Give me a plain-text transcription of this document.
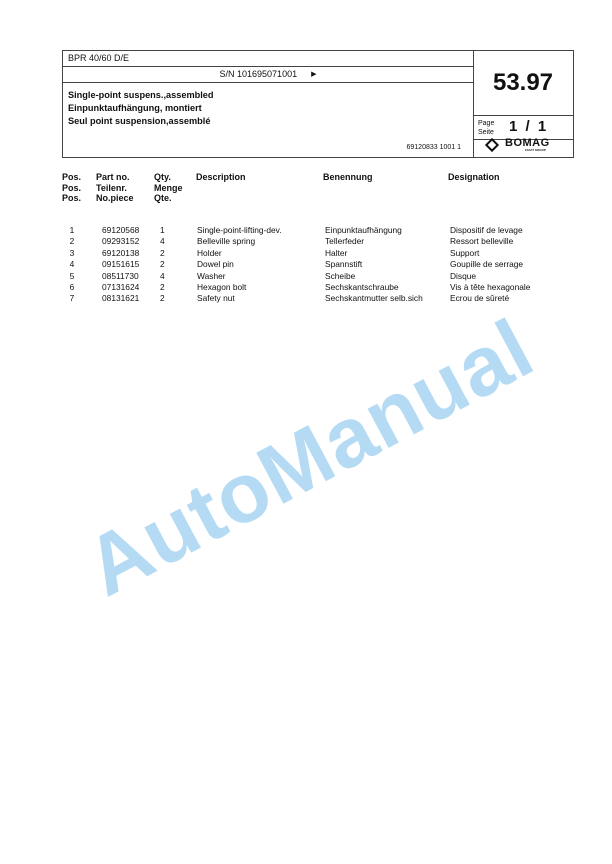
BPR 40/60 D/E
S/N 101695071001 ▶
Single-point suspens.,assembled
Einpunktaufhängung, montiert
Seul point suspension,assemblé
69120833 1001 1
53.97
Page
Seite 1 / 1
BOMAG
FAYAT GROUP
Pos.
Pos.
Pos.
Part no.
Teilenr.
No.piece
Qty.
Menge
Qte.
Description	Benennung	Designation
1	69120568 1	Single-point-lifting-dev.	Einpunktaufhängung	Dispositif de levage
2	09293152 4	Belleville spring	Tellerfeder	Ressort belleville
3	69120138 2	Holder	Halter	Support
4	09151615 2	Dowel pin	Spannstift	Goupille de serrage
5	08511730	4	Washer	Scheibe	Disque
6	07131624 2	Hexagon bolt	Sechskantschraube	Vis à tête hexagonale
7	08131621 2	Safety nut	Sechskantmutter selb.sich	Ecrou de sûreté
AutoManual
